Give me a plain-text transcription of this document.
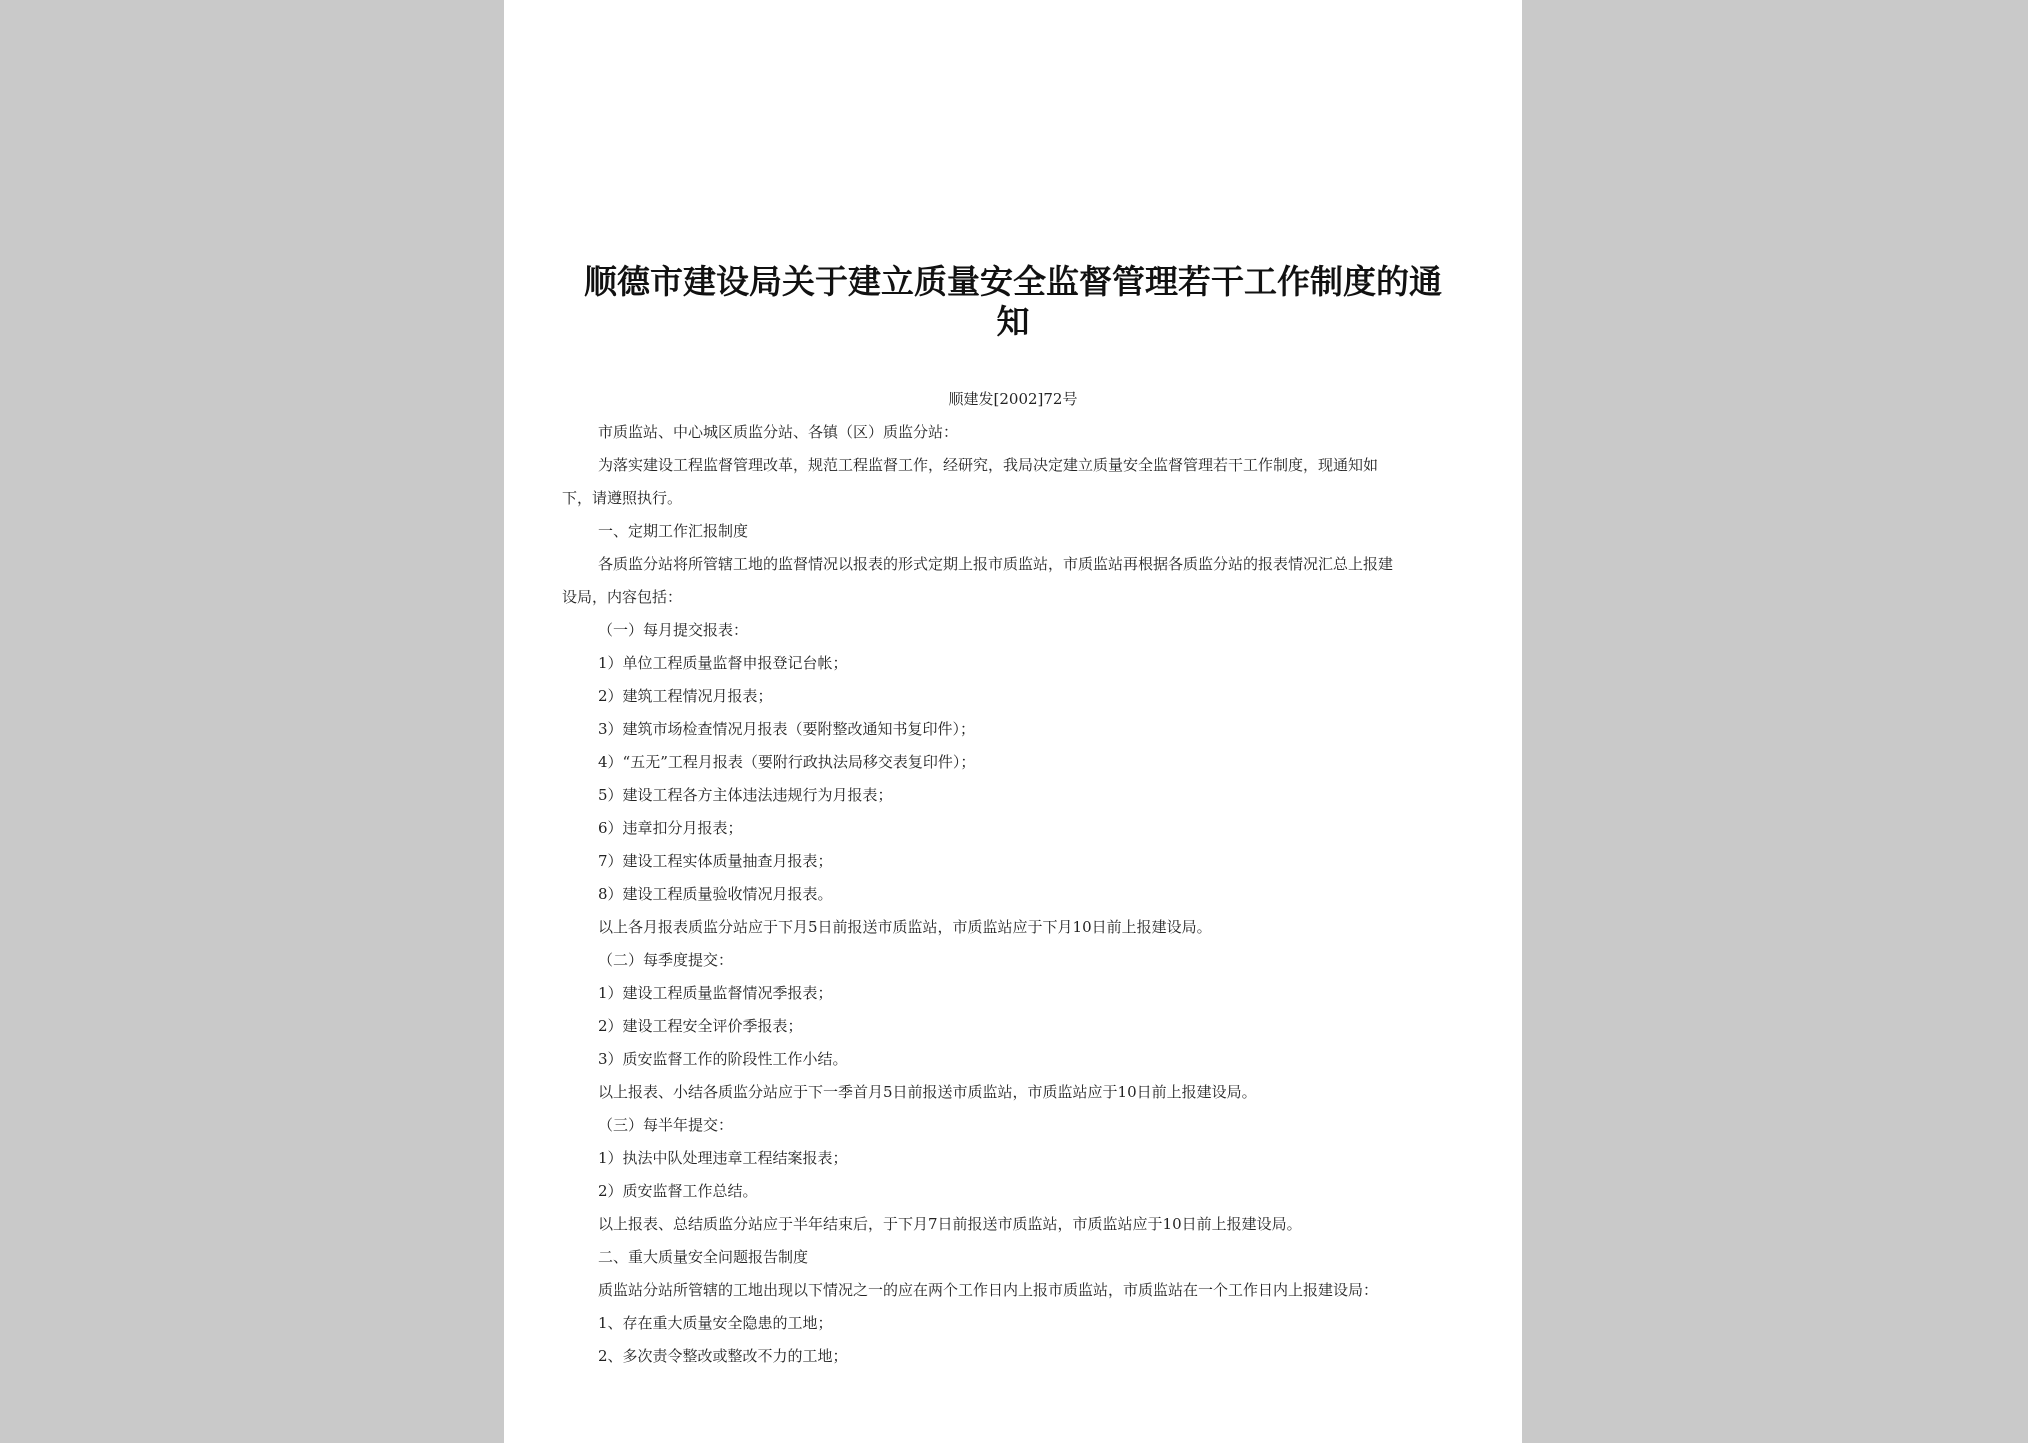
顺德市建设局关于建立质量安全监督管理若干工作制度的通知
顺建发[2002]72号
市质监站、中心城区质监分站、各镇（区）质监分站：
为落实建设工程监督管理改革，规范工程监督工作，经研究，我局决定建立质量安全监督管理若干工作制度，现通知如
下，请遵照执行。
一、定期工作汇报制度
各质监分站将所管辖工地的监督情况以报表的形式定期上报市质监站，市质监站再根据各质监分站的报表情况汇总上报建
设局，内容包括：
（一）每月提交报表：
1）单位工程质量监督申报登记台帐；
2）建筑工程情况月报表；
3）建筑市场检查情况月报表（要附整改通知书复印件）；
4）“五无”工程月报表（要附行政执法局移交表复印件）；
5）建设工程各方主体违法违规行为月报表；
6）违章扣分月报表；
7）建设工程实体质量抽查月报表；
8）建设工程质量验收情况月报表。
以上各月报表质监分站应于下月5日前报送市质监站，市质监站应于下月10日前上报建设局。
（二）每季度提交：
1）建设工程质量监督情况季报表；
2）建设工程安全评价季报表；
3）质安监督工作的阶段性工作小结。
以上报表、小结各质监分站应于下一季首月5日前报送市质监站，市质监站应于10日前上报建设局。
（三）每半年提交：
1）执法中队处理违章工程结案报表；
2）质安监督工作总结。
以上报表、总结质监分站应于半年结束后，于下月7日前报送市质监站，市质监站应于10日前上报建设局。
二、重大质量安全问题报告制度
质监站分站所管辖的工地出现以下情况之一的应在两个工作日内上报市质监站，市质监站在一个工作日内上报建设局：
1、存在重大质量安全隐患的工地；
2、多次责令整改或整改不力的工地；
